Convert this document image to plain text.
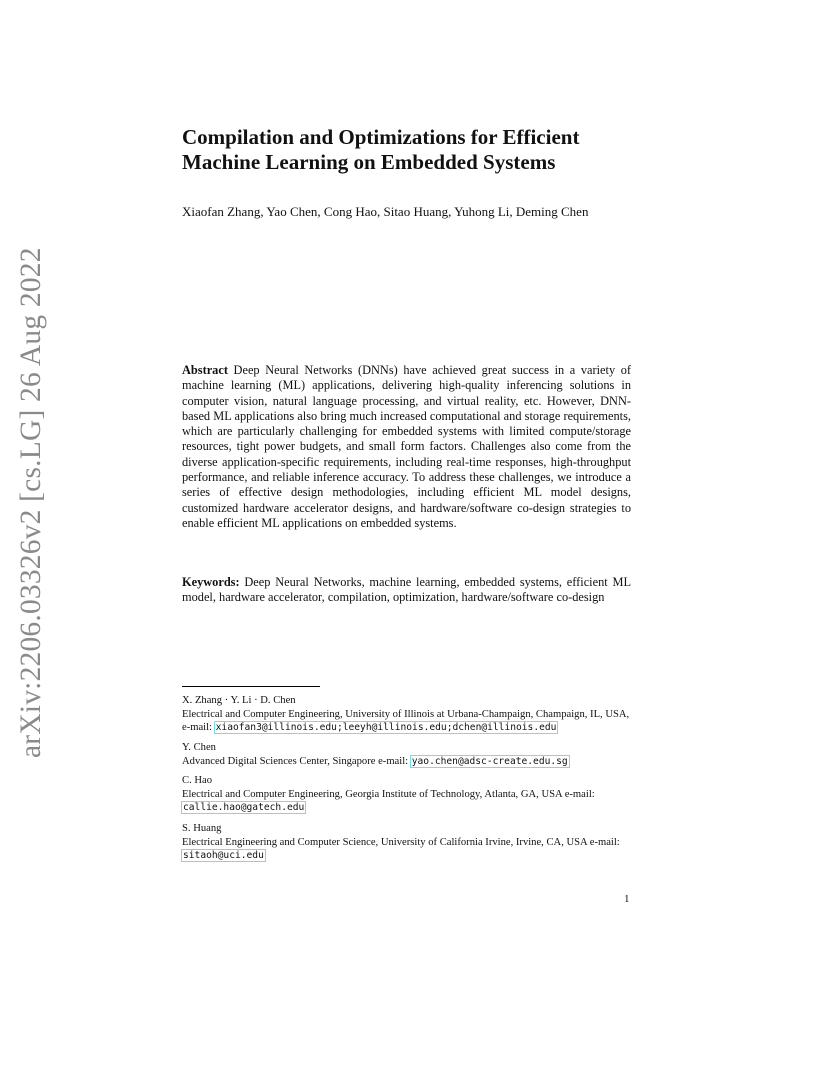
arXiv:2206.03326v2 [cs.LG] 26 Aug 2022
Compilation and Optimizations for Efficient
Machine Learning on Embedded Systems
Xiaofan Zhang, Yao Chen, Cong Hao, Sitao Huang, Yuhong Li, Deming Chen

Abstract Deep Neural Networks (DNNs) have achieved great success in a variety of machine learning (ML) applications, delivering high-quality inferencing solutions in computer vision, natural language processing, and virtual reality, etc. However, DNN-based ML applications also bring much increased computational and storage requirements, which are particularly challenging for embedded systems with limited compute/storage resources, tight power budgets, and small form factors. Challenges also come from the diverse application-specific requirements, including real-time responses, high-throughput performance, and reliable inference accuracy. To address these challenges, we introduce a series of effective design methodologies, including efficient ML model designs, customized hardware accelerator designs, and hardware/software co-design strategies to enable efficient ML applications on embedded systems.

Keywords: Deep Neural Networks, machine learning, embedded systems, efficient ML model, hardware accelerator, compilation, optimization, hardware/software co-design

X. Zhang · Y. Li · D. Chen
Electrical and Computer Engineering, University of Illinois at Urbana-Champaign, Champaign, IL, USA, e-mail: xiaofan3@illinois.edu;leeyh@illinois.edu;dchen@illinois.edu

Y. Chen
Advanced Digital Sciences Center, Singapore e-mail: yao.chen@adsc-create.edu.sg

C. Hao
Electrical and Computer Engineering, Georgia Institute of Technology, Atlanta, GA, USA e-mail: callie.hao@gatech.edu

S. Huang
Electrical Engineering and Computer Science, University of California Irvine, Irvine, CA, USA e-mail: sitaoh@uci.edu

1
